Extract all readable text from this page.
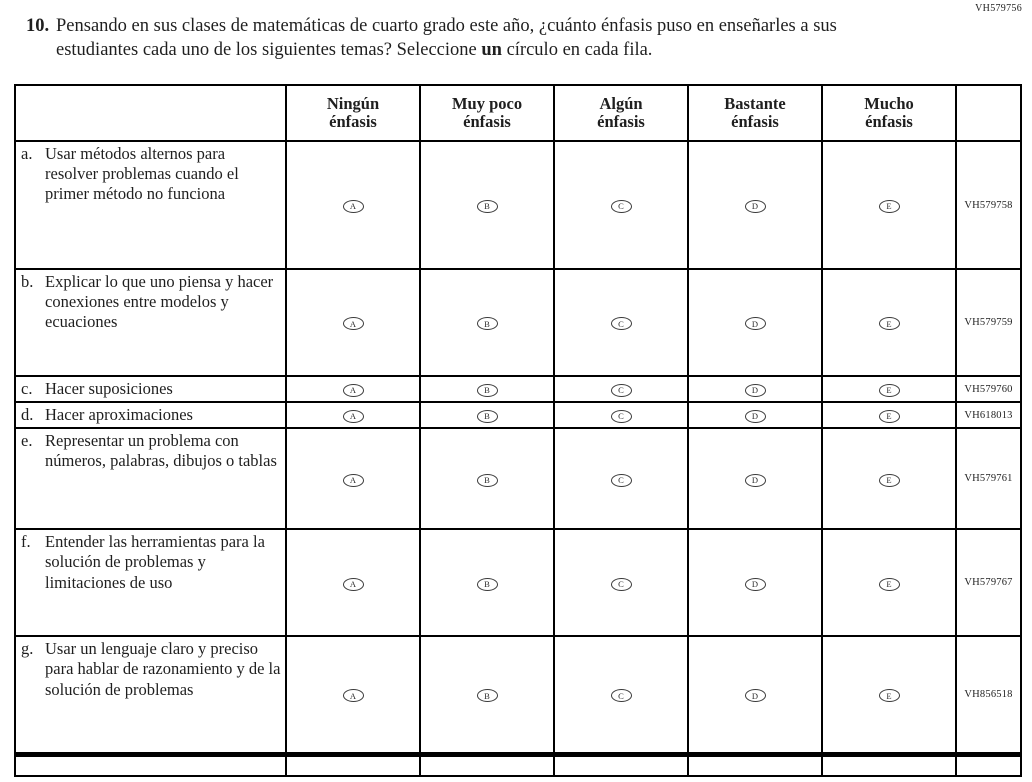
VH579756
10. Pensando en sus clases de matemáticas de cuarto grado este año, ¿cuánto énfasis puso en enseñarles a sus estudiantes cada uno de los siguientes temas? Seleccione un círculo en cada fila.
	Ningún énfasis	Muy poco énfasis	Algún énfasis	Bastante énfasis	Mucho énfasis	

a. Usar métodos alternos para resolver problemas cuando el primer método no funciona	A	B	C	D	E	VH579758

b. Explicar lo que uno piensa y hacer conexiones entre modelos y ecuaciones	A	B	C	D	E	VH579759

c. Hacer suposiciones	A	B	C	D	E	VH579760

d. Hacer aproximaciones	A	B	C	D	E	VH618013

e. Representar un problema con números, palabras, dibujos o tablas	A	B	C	D	E	VH579761

f. Entender las herramientas para la solución de problemas y limitaciones de uso	A	B	C	D	E	VH579767

g. Usar un lenguaje claro y preciso para hablar de razonamiento y de la solución de problemas	A	B	C	D	E	VH856518
